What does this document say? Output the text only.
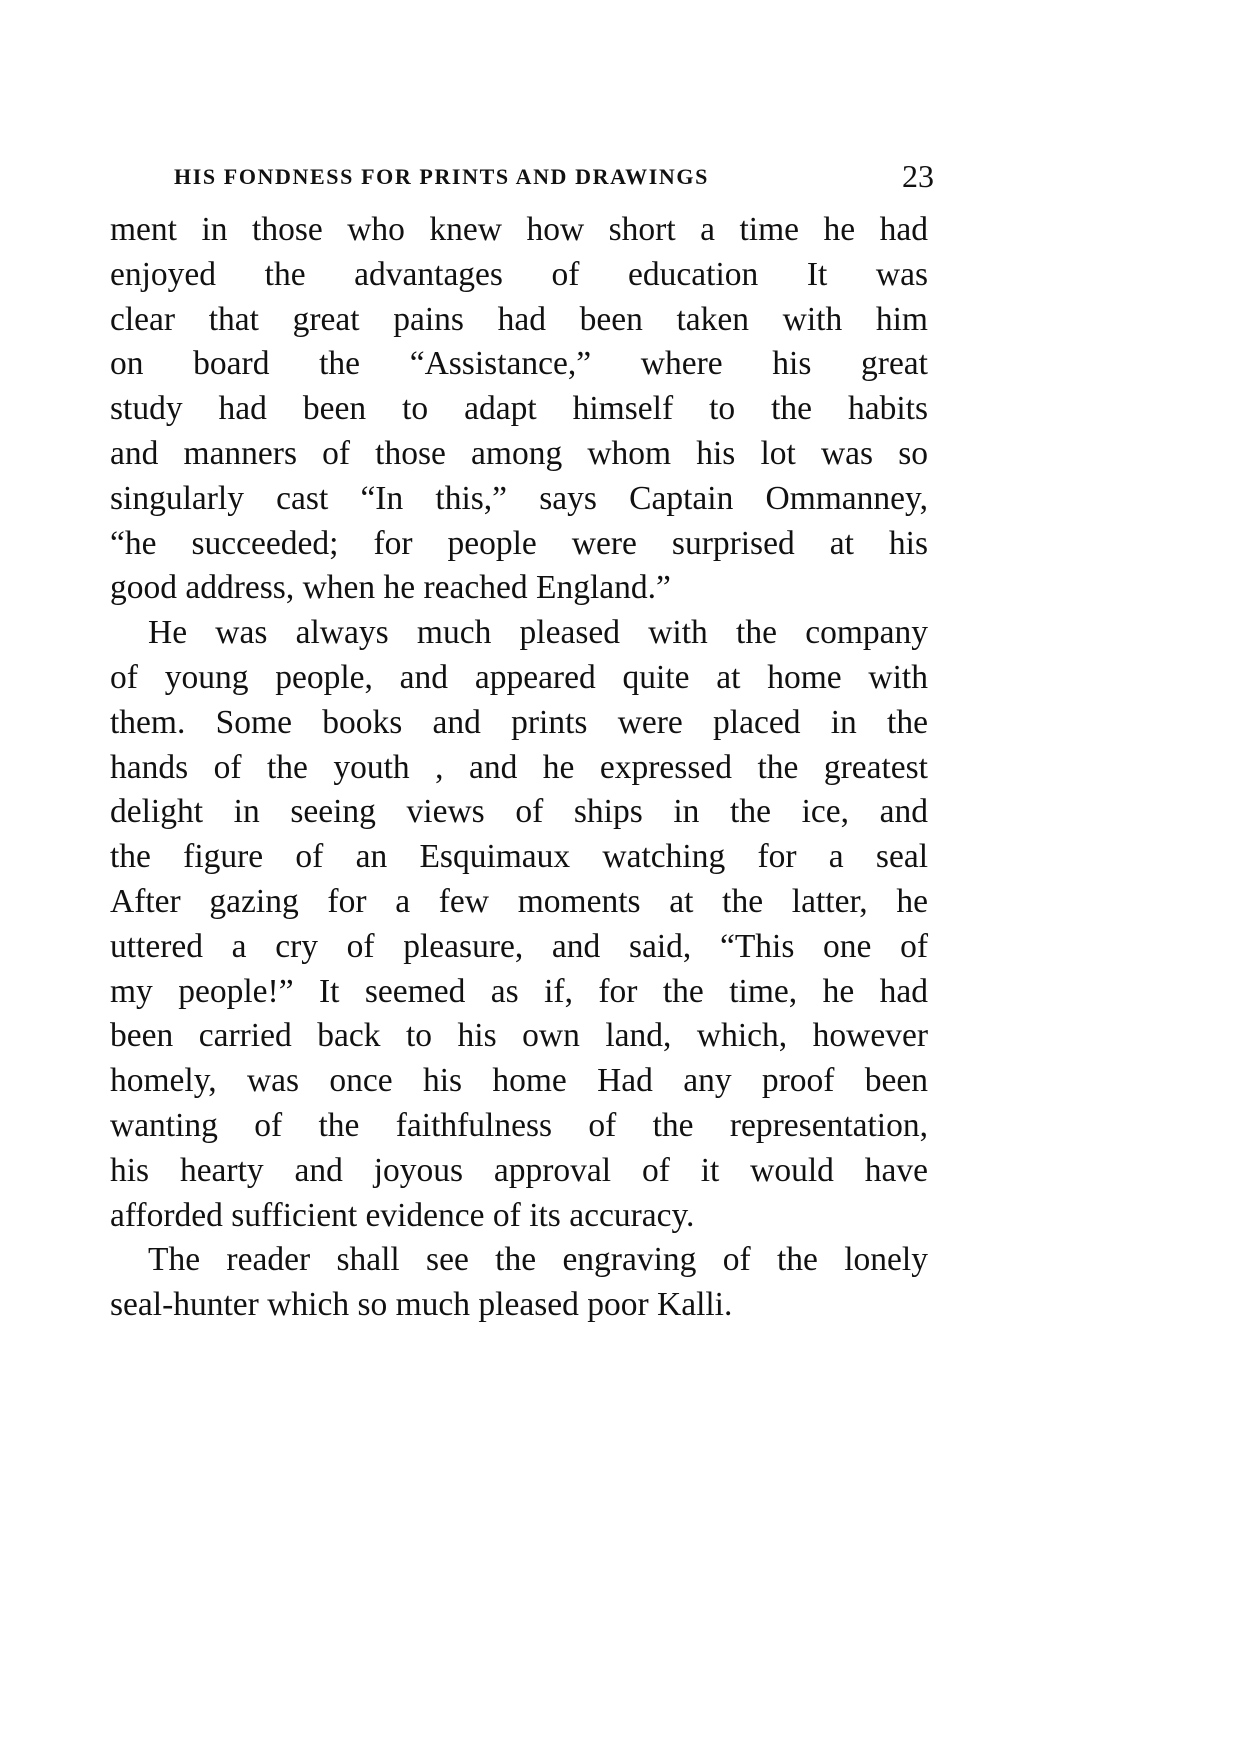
HIS FONDNESS FOR PRINTS AND DRAWINGS	23
ment in those who knew how short a time he had
enjoyed the advantages of education It was
clear that great pains had been taken with him
on board the “Assistance,” where his great
study had been to adapt himself to the habits
and manners of those among whom his lot was so
singularly cast “In this,” says Captain Ommanney,
“he succeeded; for people were surprised at his
good address, when he reached England.”
He was always much pleased with the company
of young people, and appeared quite at home with
them. Some books and prints were placed in the
hands of the youth , and he expressed the greatest
delight in seeing views of ships in the ice, and
the figure of an Esquimaux watching for a seal
After gazing for a few moments at the latter, he
uttered a cry of pleasure, and said, “This one of
my people!” It seemed as if, for the time, he had
been carried back to his own land, which, however
homely, was once his home Had any proof been
wanting of the faithfulness of the representation,
his hearty and joyous approval of it would have
afforded sufficient evidence of its accuracy.
The reader shall see the engraving of the lonely
seal-hunter which so much pleased poor Kalli.
